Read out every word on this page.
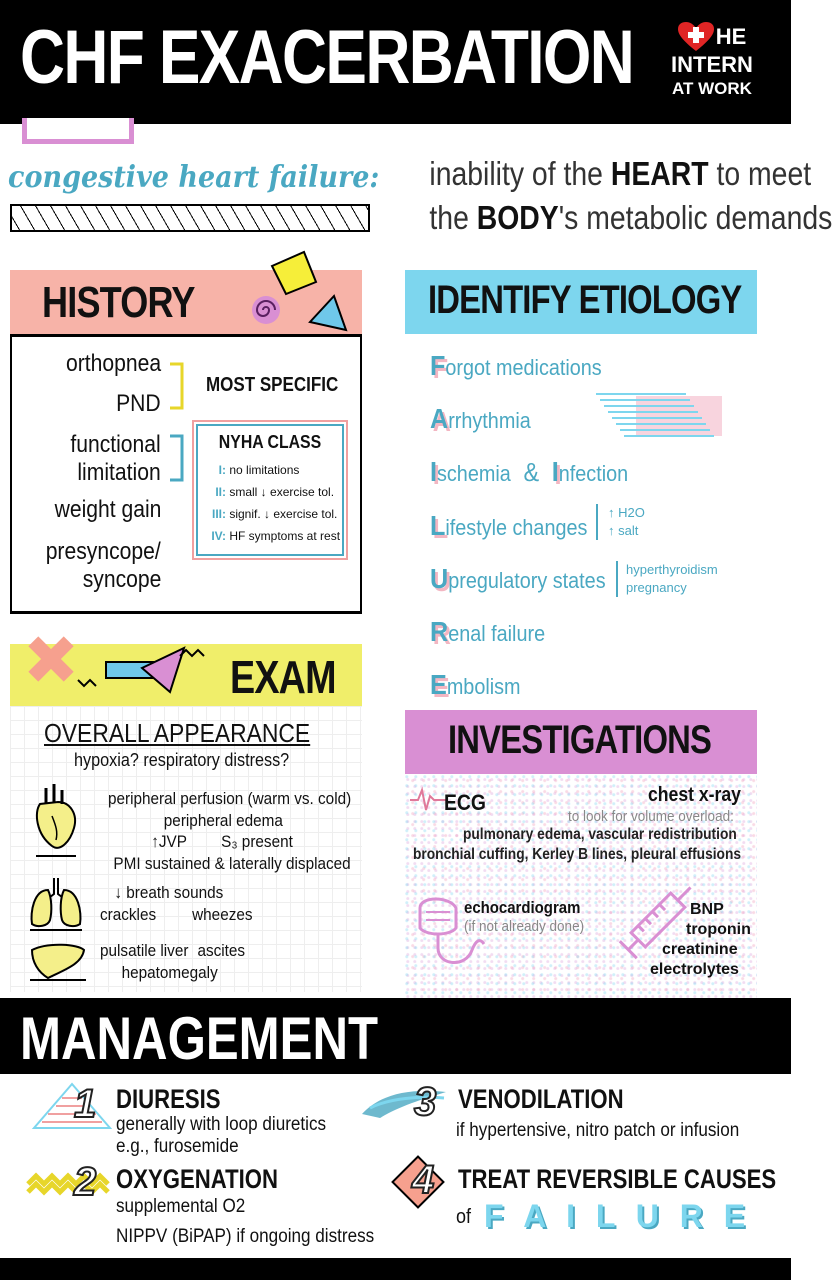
CHF EXACERBATION	HE
INTERN
AT WORK
congestive heart failure: inability of the HEART to meet
the BODY's metabolic demands
HISTORY
orthopnea
PND
functional
limitation
weight gain
presyncope/
syncope
MOST SPECIFIC
NYHA CLASS
I: no limitations
II: small ↓ exercise tol.
III: signif. ↓ exercise tol.
IV: HF symptoms at rest
EXAM
OVERALL APPEARANCE
hypoxia? respiratory distress?
peripheral perfusion (warm vs. cold)
peripheral edema
↑JVP S₃ present
PMI sustained & laterally displaced
↓ breath sounds
crackles wheezes
pulsatile liver ascites
hepatomegaly
IDENTIFY ETIOLOGY
Forgot medications
Arrhythmia
Ischemia & Infection
Lifestyle changes
↑ H2O
↑ salt
Upregulatory states hyperthyroidism
pregnancy
Renal failure
Embolism
INVESTIGATIONS
ECG	chest x-ray
to look for volume overload:
pulmonary edema, vascular redistribution
bronchial cuffing, Kerley B lines, pleural effusions
echocardiogram
(if not already done)
BNP
troponin
creatinine
electrolytes
MANAGEMENT
1 DIURESIS
generally with loop diuretics
e.g., furosemide
2 OXYGENATION
supplemental O2
NIPPV (BiPAP) if ongoing distress
3 VENODILATION
if hypertensive, nitro patch or infusion
4 TREAT REVERSIBLE CAUSES
of F A I L U R E
